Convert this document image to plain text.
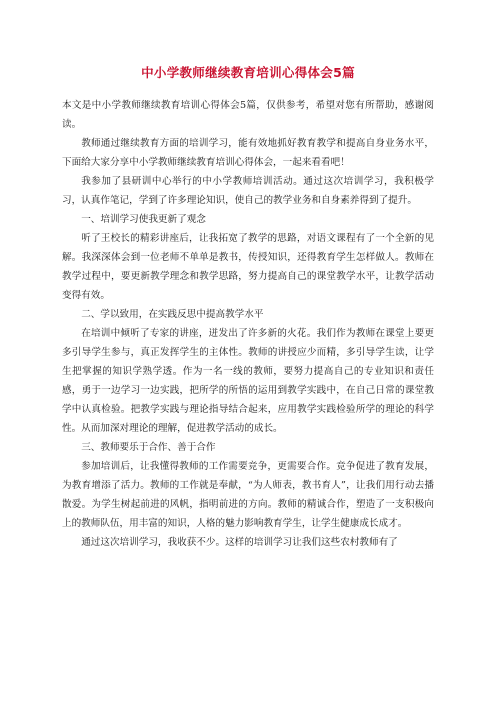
中小学教师继续教育培训心得体会5篇

本文是中小学教师继续教育培训心得体会5篇，仅供参考，希望对您有所帮助，感谢阅读。

教师通过继续教育方面的培训学习，能有效地抓好教育教学和提高自身业务水平，下面给大家分享中小学教师继续教育培训心得体会，一起来看看吧！

我参加了县研训中心举行的中小学教师培训活动。通过这次培训学习，我积极学习，认真作笔记，学到了许多理论知识，使自己的教学业务和自身素养得到了提升。

一、培训学习使我更新了观念

听了王校长的精彩讲座后，让我拓宽了教学的思路，对语文课程有了一个全新的见解。我深深体会到一位老师不单单是教书，传授知识，还得教育学生怎样做人。教师在教学过程中，要更新教学理念和教学思路，努力提高自己的课堂教学水平，让教学活动变得有效。

二、学以致用，在实践反思中提高教学水平

在培训中倾听了专家的讲座，迸发出了许多新的火花。我们作为教师在课堂上要更多引导学生参与，真正发挥学生的主体性。教师的讲授应少而精，多引导学生读，让学生把掌握的知识学熟学透。作为一名一线的教师，要努力提高自己的专业知识和责任感，勇于一边学习一边实践，把所学的所悟的运用到教学实践中，在自己日常的课堂教学中认真检验。把教学实践与理论指导结合起来，应用教学实践检验所学的理论的科学性。从而加深对理论的理解，促进教学活动的成长。

三、教师要乐于合作、善于合作

参加培训后，让我懂得教师的工作需要竞争，更需要合作。竞争促进了教育发展，为教育增添了活力。教师的工作就是奉献，“为人师表，教书育人”，让我们用行动去播散爱。为学生树起前进的风帆，指明前进的方向。教师的精诚合作，塑造了一支积极向上的教师队伍，用丰富的知识，人格的魅力影响教育学生，让学生健康成长成才。

通过这次培训学习，我收获不少。这样的培训学习让我们这些农村教师有了
